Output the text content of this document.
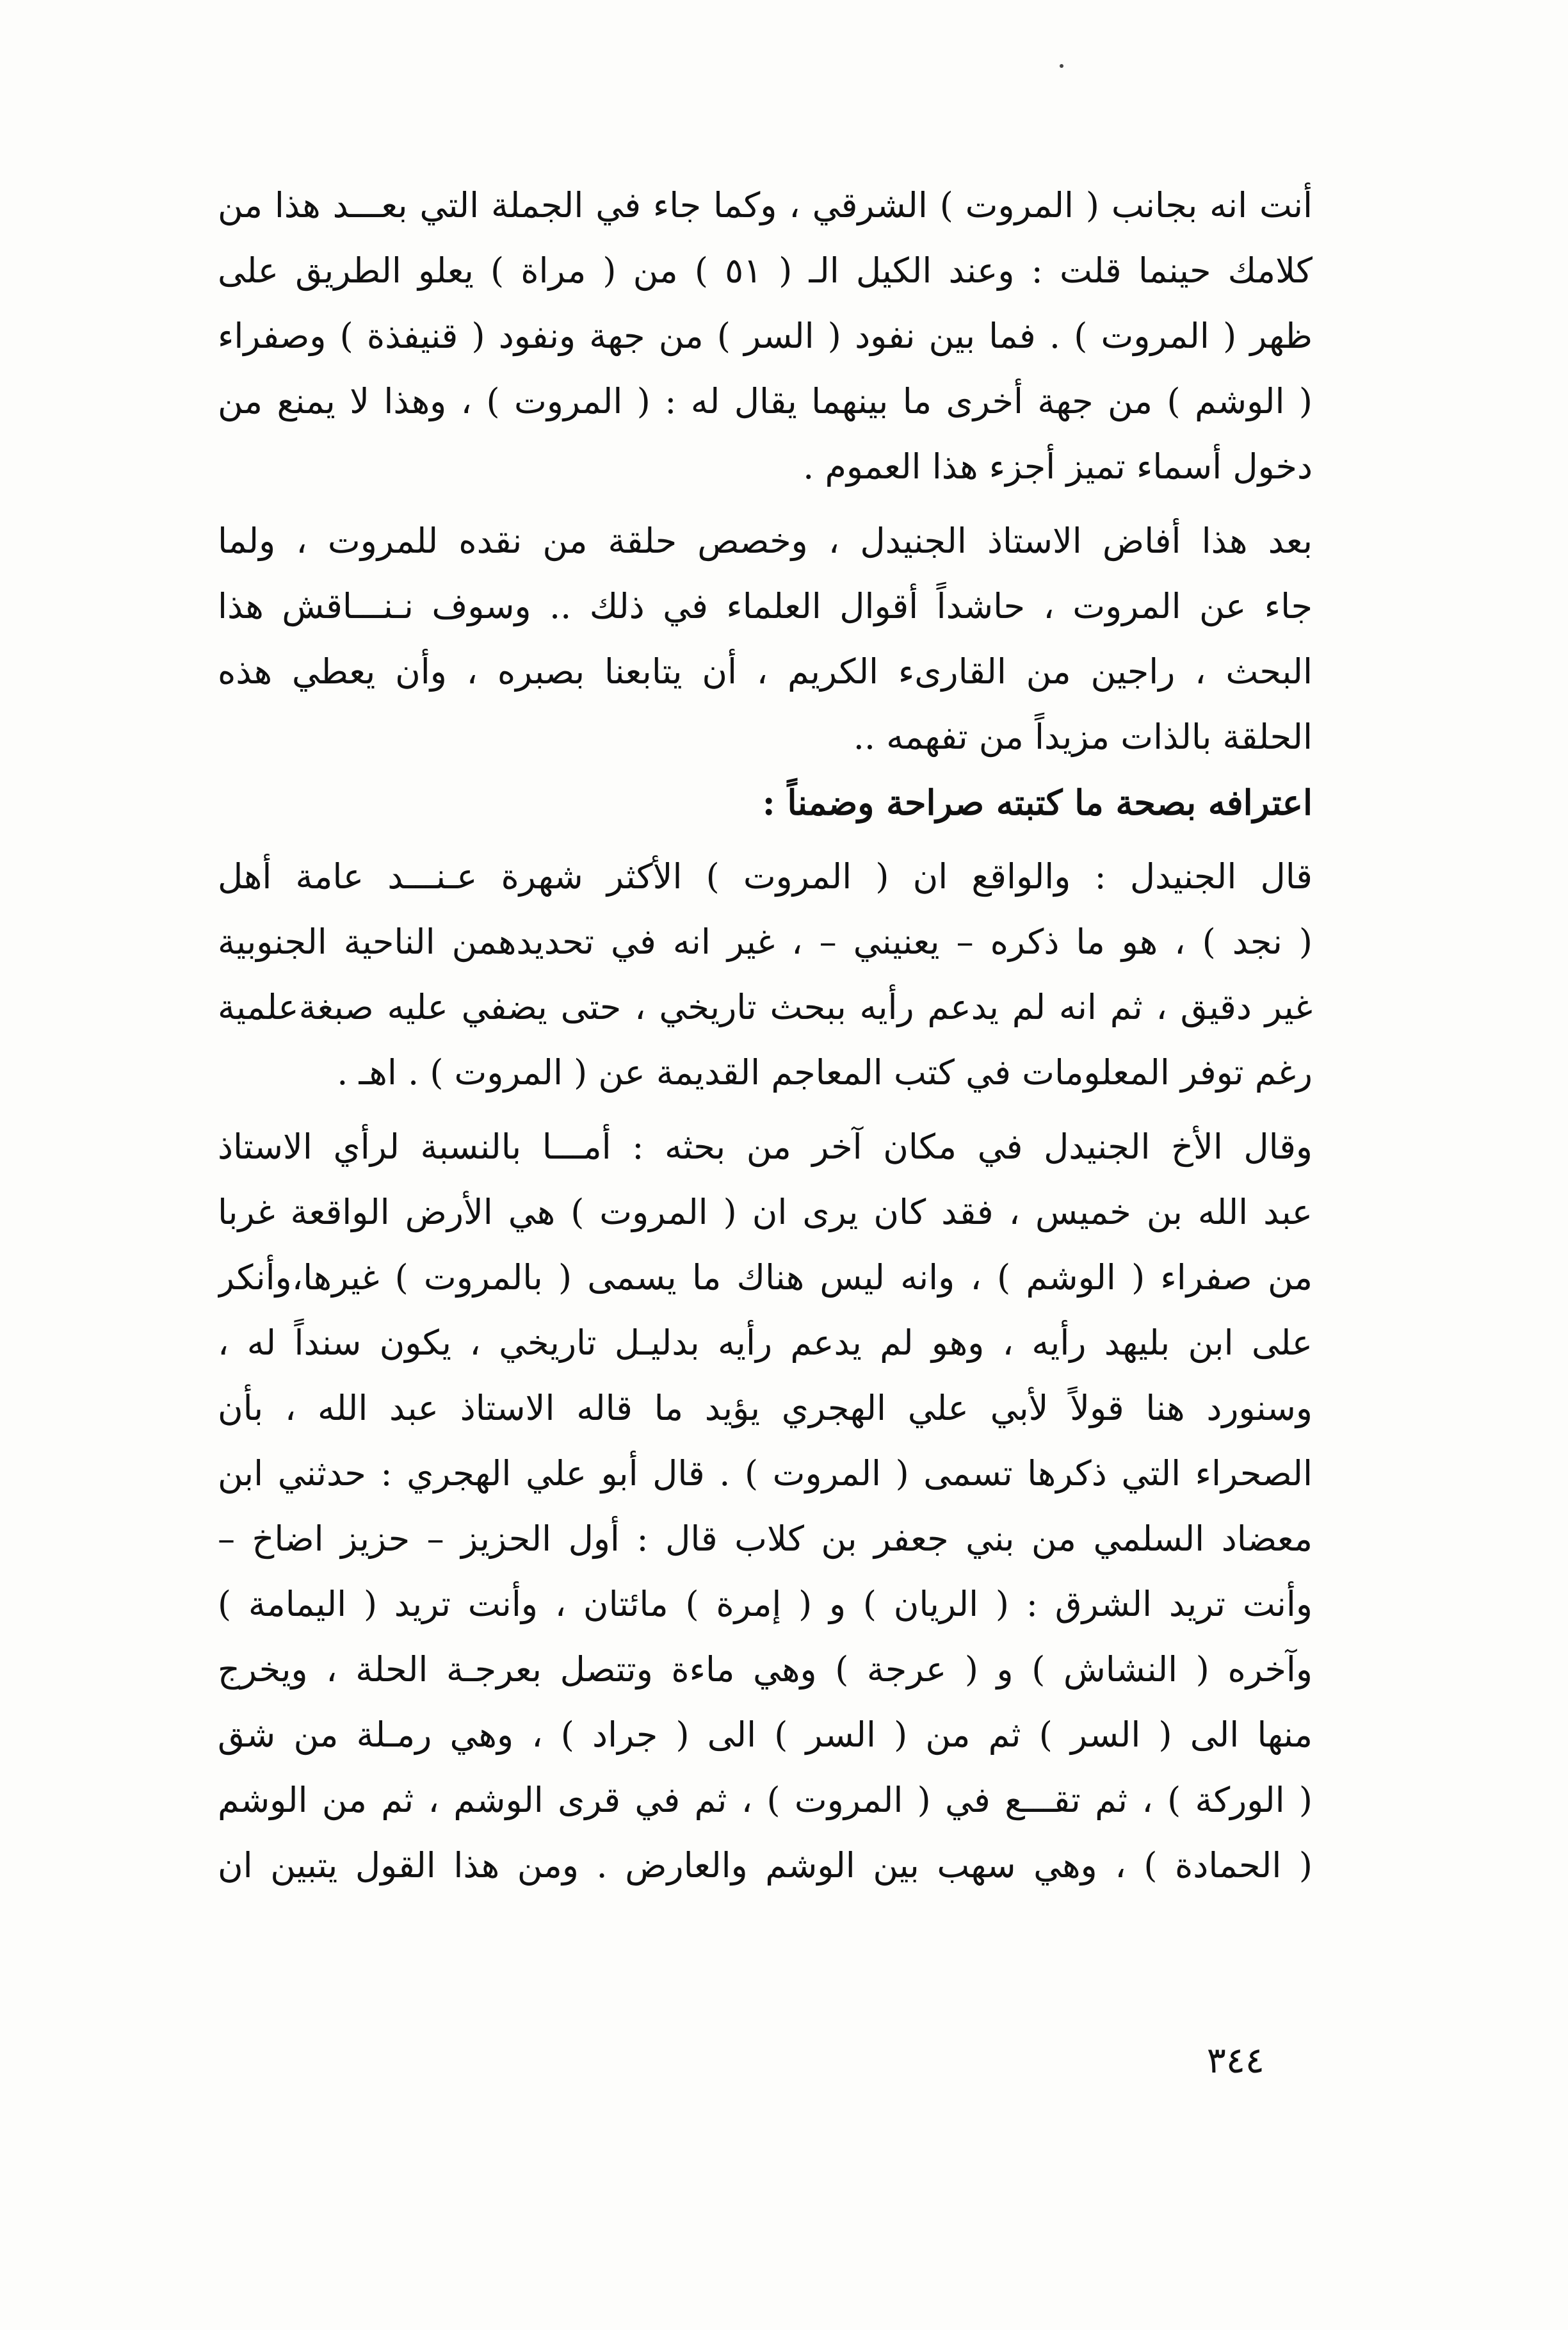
أنت انه بجانب ( المروت ) الشرقي ، وكما جاء في الجملة التي بعـــد هذا من
كلامك حينما قلت : وعند الكيل الـ ( ٥١ ) من ( مراة ) يعلو الطريق على
ظهر ( المروت ) . فما بين نفود ( السر ) من جهة ونفود ( قنيفذة ) وصفراء
( الوشم ) من جهة أخرى ما بينهما يقال له : ( المروت ) ، وهذا لا يمنع من
دخول أسماء تميز أجزء هذا العموم .
بعد هذا أفاض الاستاذ الجنيدل ، وخصص حلقة من نقده للمروت ، ولما
جاء عن المروت ، حاشداً أقوال العلماء في ذلك .. وسوف نـنـــاقش هذا
البحث ، راجين من القارىء الكريم ، أن يتابعنا بصبره ، وأن يعطي هذه
الحلقة بالذات مزيداً من تفهمه ..
اعترافه بصحة ما كتبته صراحة وضمناً :
قال الجنيدل : والواقع ان ( المروت ) الأكثر شهرة عـنـــد عامة أهل
( نجد ) ، هو ما ذكره – يعنيني – ، غير انه في تحديدهمن الناحية الجنوبية
غير دقيق ، ثم انه لم يدعم رأيه ببحث تاريخي ، حتى يضفي عليه صبغةعلمية
رغم توفر المعلومات في كتب المعاجم القديمة عن ( المروت ) . اهـ .
وقال الأخ الجنيدل في مكان آخر من بحثه : أمـــا بالنسبة لرأي الاستاذ
عبد الله بن خميس ، فقد كان يرى ان ( المروت ) هي الأرض الواقعة غربا
من صفراء ( الوشم ) ، وانه ليس هناك ما يسمى ( بالمروت ) غيرها،وأنكر
على ابن بليهد رأيه ، وهو لم يدعم رأيه بدليـل تاريخي ، يكون سنداً له ،
وسنورد هنا قولاً لأبي علي الهجري يؤيد ما قاله الاستاذ عبد الله ، بأن
الصحراء التي ذكرها تسمى ( المروت ) . قال أبو علي الهجري : حدثني ابن
معضاد السلمي من بني جعفر بن كلاب قال : أول الحزيز – حزيز اضاخ –
وأنت تريد الشرق : ( الريان ) و ( إمرة ) مائتان ، وأنت تريد ( اليمامة )
وآخره ( النشاش ) و ( عرجة ) وهي ماءة وتتصل بعرجـة الحلة ، ويخرج
منها الى ( السر ) ثم من ( السر ) الى ( جراد ) ، وهي رمـلة من شق
( الوركة ) ، ثم تقـــع في ( المروت ) ، ثم في قرى الوشم ، ثم من الوشم
( الحمادة ) ، وهي سهب بين الوشم والعارض . ومن هذا القول يتبين ان
٣٤٤
